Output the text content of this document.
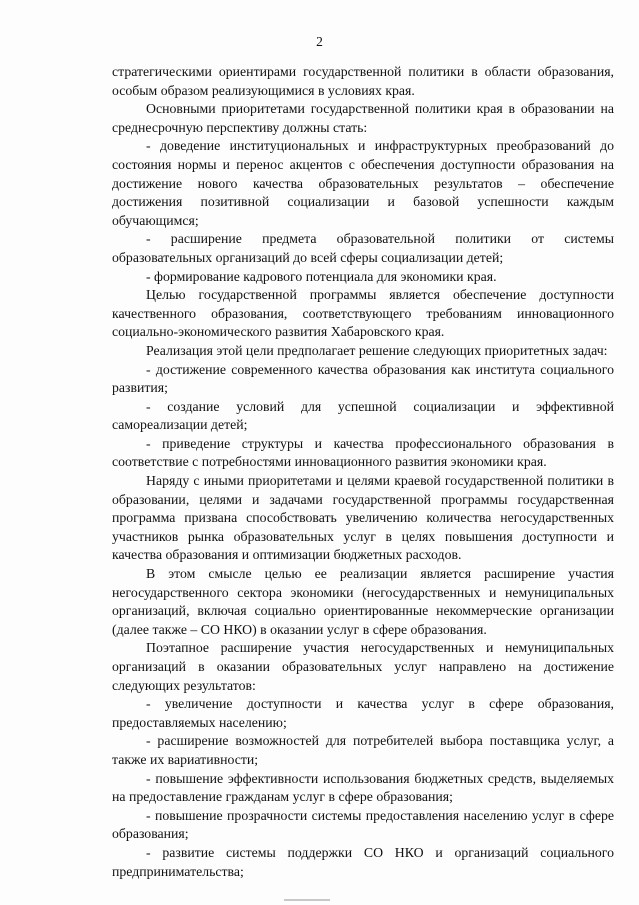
2

стратегическими ориентирами государственной политики в области образования, особым образом реализующимися в условиях края.

Основными приоритетами государственной политики края в образовании на среднесрочную перспективу должны стать:

- доведение институциональных и инфраструктурных преобразований до состояния нормы и перенос акцентов с обеспечения доступности образования на достижение нового качества образовательных результатов – обеспечение достижения позитивной социализации и базовой успешности каждым обучающимся;

- расширение предмета образовательной политики от системы образовательных организаций до всей сферы социализации детей;

- формирование кадрового потенциала для экономики края.

Целью государственной программы является обеспечение доступности качественного образования, соответствующего требованиям инновационного социально-экономического развития Хабаровского края.

Реализация этой цели предполагает решение следующих приоритетных задач:

- достижение современного качества образования как института социального развития;

- создание условий для успешной социализации и эффективной самореализации детей;

- приведение структуры и качества профессионального образования в соответствие с потребностями инновационного развития экономики края.

Наряду с иными приоритетами и целями краевой государственной политики в образовании, целями и задачами государственной программы государственная программа призвана способствовать увеличению количества негосударственных участников рынка образовательных услуг в целях повышения доступности и качества образования и оптимизации бюджетных расходов.

В этом смысле целью ее реализации является расширение участия негосударственного сектора экономики (негосударственных и немуниципальных организаций, включая социально ориентированные некоммерческие организации (далее также – СО НКО) в оказании услуг в сфере образования.

Поэтапное расширение участия негосударственных и немуниципальных организаций в оказании образовательных услуг направлено на достижение следующих результатов:

- увеличение доступности и качества услуг в сфере образования, предоставляемых населению;

- расширение возможностей для потребителей выбора поставщика услуг, а также их вариативности;

- повышение эффективности использования бюджетных средств, выделяемых на предоставление гражданам услуг в сфере образования;

- повышение прозрачности системы предоставления населению услуг в сфере образования;

- развитие системы поддержки СО НКО и организаций социального предпринимательства;
